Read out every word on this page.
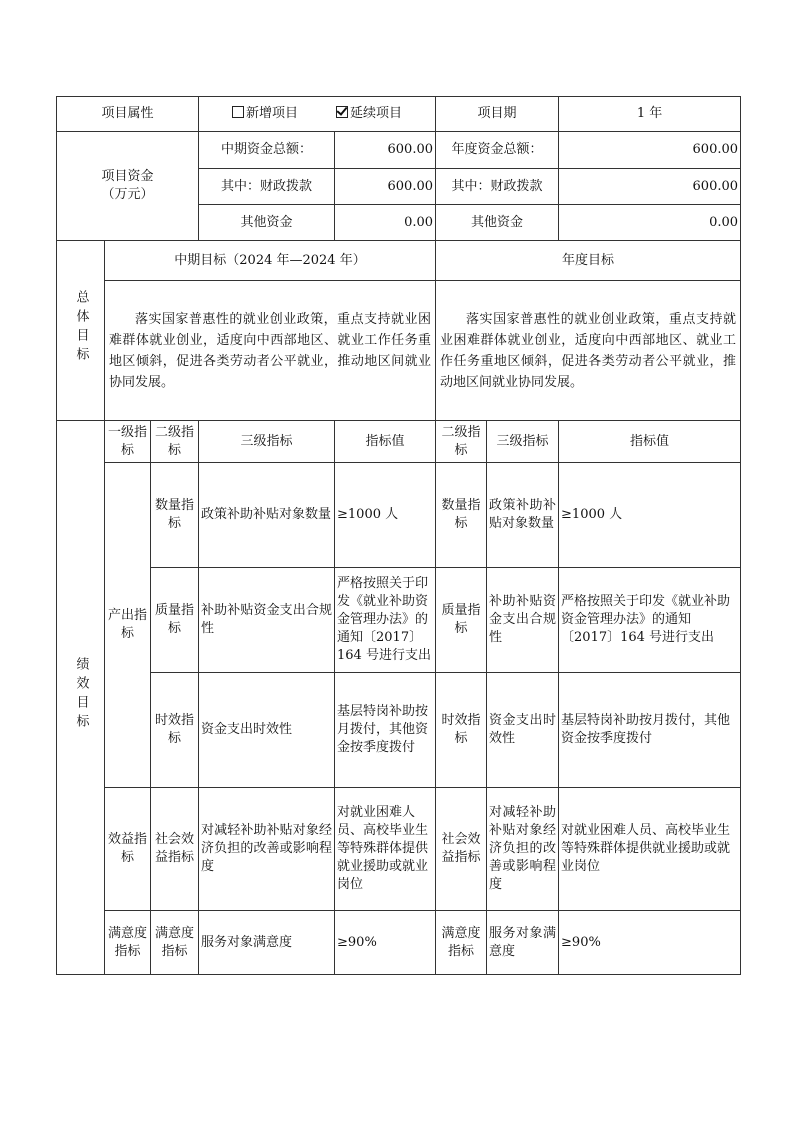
项目属性			新增项目 延续项目		项目期		1 年

项目资金
（万元）			中期资金总额：	600.00	年度资金总额：		600.00
			其中：财政拨款	600.00	其中：财政拨款		600.00
			其他资金	0.00	其他资金		0.00
总体目标	中期目标（2024 年—2024 年）				年度目标		

	落实国家普惠性的就业创业政策，重点支持就业困难群体就业创业，适度向中西部地区、就业工作任务重地区倾斜，促进各类劳动者公平就业，推动地区间就业协同发展。				落实国家普惠性的就业创业政策，重点支持就业困难群体就业创业，适度向中西部地区、就业工作任务重地区倾斜，促进各类劳动者公平就业，推动地区间就业协同发展。		

绩效目标	一级指标	二级指标	三级指标	指标值	二级指标	三级指标	指标值
	产出指标	数量指标	政策补助补贴对象数量	≥1000 人	数量指标	政策补助补贴对象数量	≥1000 人
		质量指标	补助补贴资金支出合规性	严格按照关于印发《就业补助资金管理办法》的通知〔2017〕164 号进行支出	质量指标	补助补贴资金支出合规性	严格按照关于印发《就业补助资金管理办法》的通知〔2017〕164 号进行支出
		时效指标	资金支出时效性	基层特岗补助按月拨付，其他资金按季度拨付	时效指标	资金支出时效性	基层特岗补助按月拨付，其他资金按季度拨付
	效益指标	社会效益指标	对减轻补助补贴对象经济负担的改善或影响程度	对就业困难人员、高校毕业生等特殊群体提供就业援助或就业岗位	社会效益指标	对减轻补助补贴对象经济负担的改善或影响程度	对就业困难人员、高校毕业生等特殊群体提供就业援助或就业岗位
	满意度指标	满意度指标	服务对象满意度	≥90%	满意度指标	服务对象满意度	≥90%
